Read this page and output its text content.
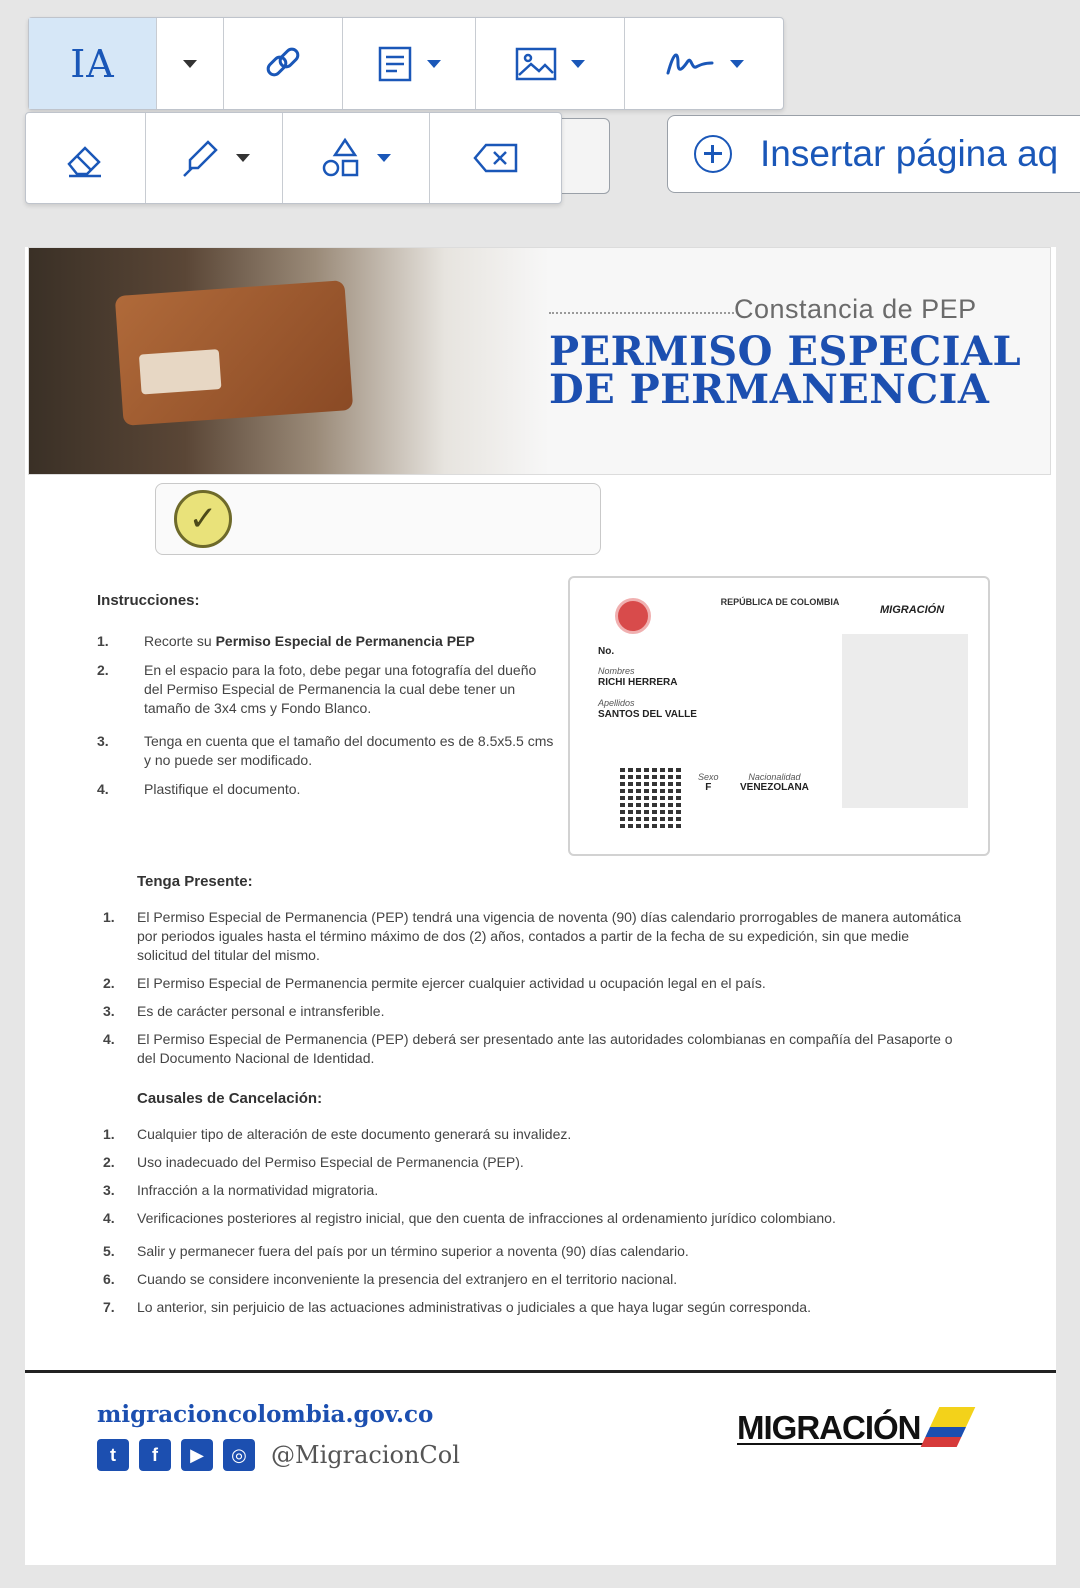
IA
Insertar página aq
Constancia de PEP
PERMISO ESPECIAL
DE PERMANENCIA
✓
Instrucciones:
1.	Recorte su Permiso Especial de Permanencia PEP
2.	En el espacio para la foto, debe pegar una fotografía del dueño del Permiso Especial de Permanencia la cual debe tener un tamaño de 3x4 cms y Fondo Blanco.
3.	Tenga en cuenta que el tamaño del documento es de 8.5x5.5 cms y no puede ser modificado.
4.	Plastifique el documento.
REPÚBLICA DE COLOMBIA
MIGRACIÓN
No.
Nombres
RICHI HERRERA
Apellidos
SANTOS DEL VALLE
Sexo
F
Nacionalidad
VENEZOLANA
Tenga Presente:
1. El Permiso Especial de Permanencia (PEP) tendrá una vigencia de noventa (90) días calendario prorrogables de manera automática por periodos iguales hasta el término máximo de dos (2) años, contados a partir de la fecha de su expedición, sin que medie solicitud del titular del mismo.
2. El Permiso Especial de Permanencia permite ejercer cualquier actividad u ocupación legal en el país.
3. Es de carácter personal e intransferible.
4. El Permiso Especial de Permanencia (PEP) deberá ser presentado ante las autoridades colombianas en compañía del Pasaporte o del Documento Nacional de Identidad.
Causales de Cancelación:
1. Cualquier tipo de alteración de este documento generará su invalidez.
2. Uso inadecuado del Permiso Especial de Permanencia (PEP).
3. Infracción a la normatividad migratoria.
4. Verificaciones posteriores al registro inicial, que den cuenta de infracciones al ordenamiento jurídico colombiano.
5. Salir y permanecer fuera del país por un término superior a noventa (90) días calendario.
6. Cuando se considere inconveniente la presencia del extranjero en el territorio nacional.
7. Lo anterior, sin perjuicio de las actuaciones administrativas o judiciales a que haya lugar según corresponda.
migracioncolombia.gov.co
t	f	▶	◎	@MigracionCol
MIGRACIÓN
